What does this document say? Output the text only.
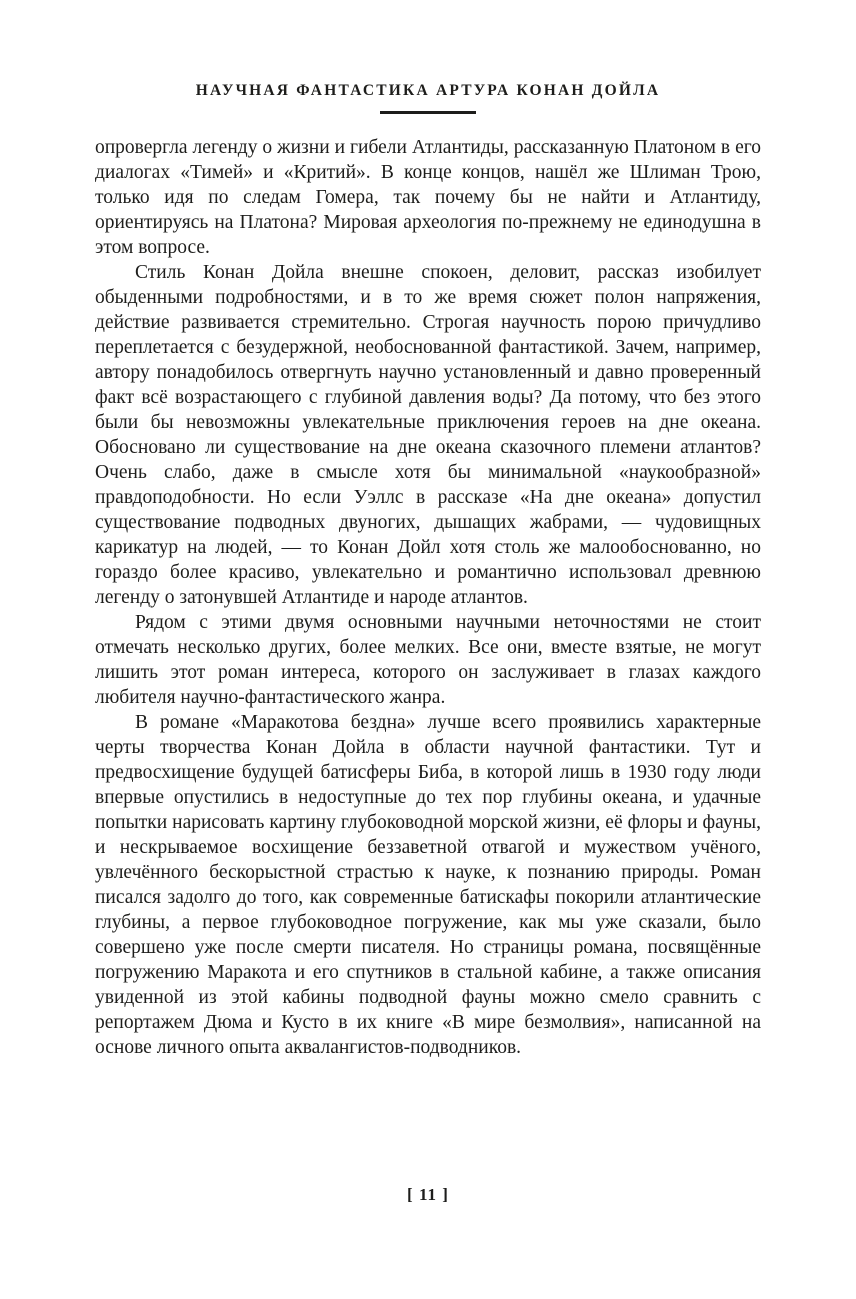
НАУЧНАЯ ФАНТАСТИКА АРТУРА КОНАН ДОЙЛА

опровергла легенду о жизни и гибели Атлантиды, рассказанную Платоном в его диалогах «Тимей» и «Критий». В конце концов, нашёл же Шлиман Трою, только идя по следам Гомера, так почему бы не найти и Атлантиду, ориентируясь на Платона? Мировая археология по-прежнему не единодушна в этом вопросе.

Стиль Конан Дойла внешне спокоен, деловит, рассказ изобилует обыденными подробностями, и в то же время сюжет полон напряжения, действие развивается стремительно. Строгая научность порою причудливо переплетается с безудержной, необоснованной фантастикой. Зачем, например, автору понадобилось отвергнуть научно установленный и давно проверенный факт всё возрастающего с глубиной давления воды? Да потому, что без этого были бы невозможны увлекательные приключения героев на дне океана. Обосновано ли существование на дне океана сказочного племени атлантов? Очень слабо, даже в смысле хотя бы минимальной «наукообразной» правдоподобности. Но если Уэллс в рассказе «На дне океана» допустил существование подводных двуногих, дышащих жабрами, — чудовищных карикатур на людей, — то Конан Дойл хотя столь же малообоснованно, но гораздо более красиво, увлекательно и романтично использовал древнюю легенду о затонувшей Атлантиде и народе атлантов.

Рядом с этими двумя основными научными неточностями не стоит отмечать несколько других, более мелких. Все они, вместе взятые, не могут лишить этот роман интереса, которого он заслуживает в глазах каждого любителя научно-фантастического жанра.

В романе «Маракотова бездна» лучше всего проявились характерные черты творчества Конан Дойла в области научной фантастики. Тут и предвосхищение будущей батисферы Биба, в которой лишь в 1930 году люди впервые опустились в недоступные до тех пор глубины океана, и удачные попытки нарисовать картину глубоководной морской жизни, её флоры и фауны, и нескрываемое восхищение беззаветной отвагой и мужеством учёного, увлечённого бескорыстной страстью к науке, к познанию природы. Роман писался задолго до того, как современные батискафы покорили атлантические глубины, а первое глубоководное погружение, как мы уже сказали, было совершено уже после смерти писателя. Но страницы романа, посвящённые погружению Маракота и его спутников в стальной кабине, а также описания увиденной из этой кабины подводной фауны можно смело сравнить с репортажем Дюма и Кусто в их книге «В мире безмолвия», написанной на основе личного опыта аквалангистов-подводников.

[ 11 ]
